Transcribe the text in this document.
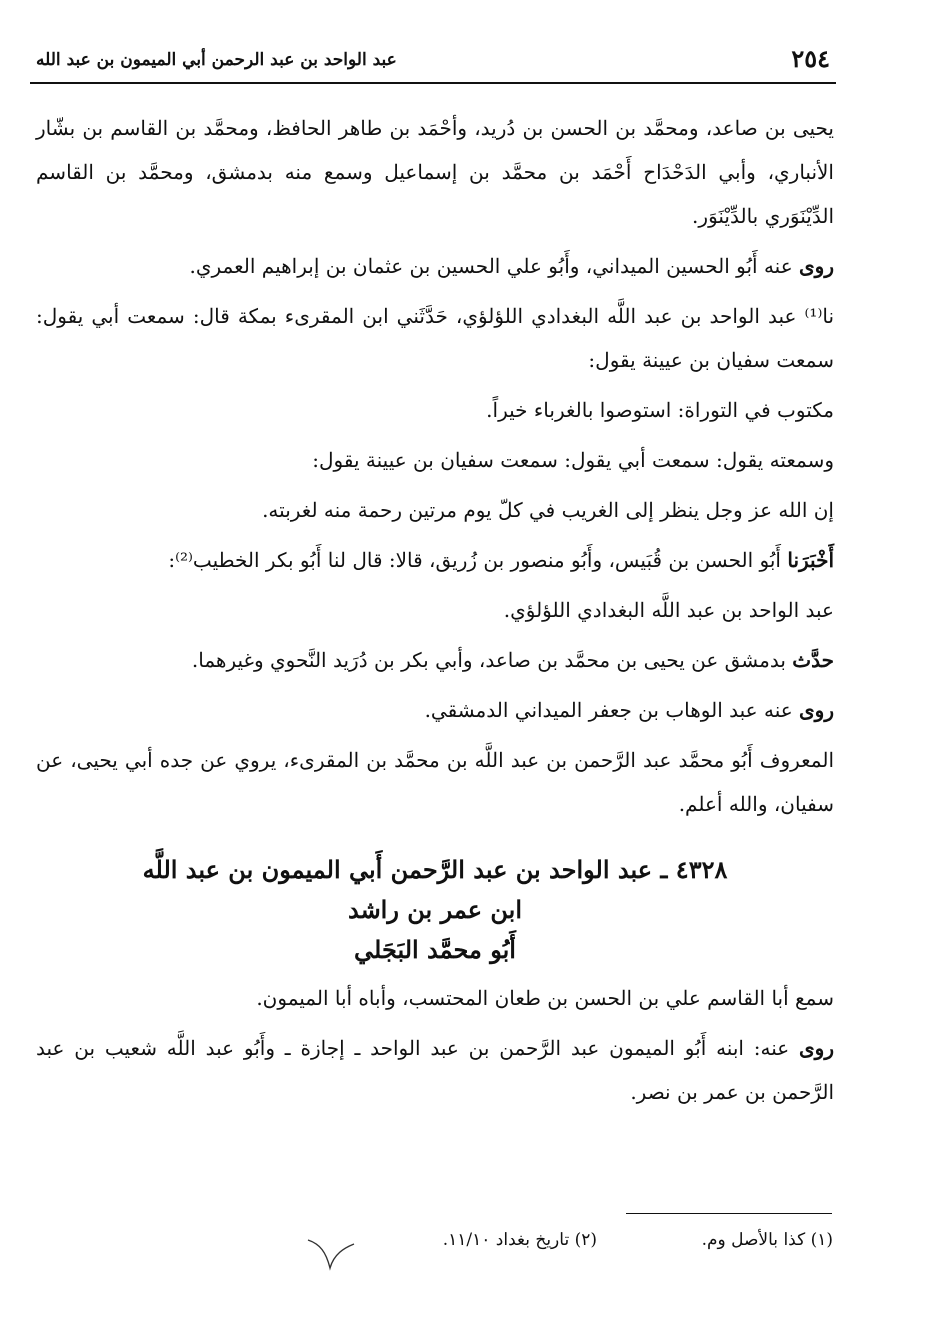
٢٥٤
عبد الواحد بن عبد الرحمن أبي الميمون بن عبد الله

يحيى بن صاعد، ومحمَّد بن الحسن بن دُريد، وأحْمَد بن طاهر الحافظ، ومحمَّد بن القاسم بن بشّار الأنباري، وأبي الدَحْدَاح أَحْمَد بن محمَّد بن إسماعيل وسمع منه بدمشق، ومحمَّد بن القاسم الدِّيْنَوَري بالدِّيْنَوَر.

روى عنه أَبُو الحسين الميداني، وأَبُو علي الحسين بن عثمان بن إبراهيم العمري.

نا⁽¹⁾ عبد الواحد بن عبد اللَّه البغدادي اللؤلؤي، حَدَّثَني ابن المقرىء بمكة قال: سمعت أبي يقول: سمعت سفيان بن عيينة يقول:

مكتوب في التوراة: استوصوا بالغرباء خيراً.

وسمعته يقول: سمعت أبي يقول: سمعت سفيان بن عيينة يقول:

إن الله عز وجل ينظر إلى الغريب في كلّ يوم مرتين رحمة منه لغربته.

أَخْبَرَنا أَبُو الحسن بن قُبَيس، وأَبُو منصور بن زُريق، قالا: قال لنا أَبُو بكر الخطيب⁽²⁾:

عبد الواحد بن عبد اللَّه البغدادي اللؤلؤي.

حدَّث بدمشق عن يحيى بن محمَّد بن صاعد، وأبي بكر بن دُرَيد النَّحوي وغيرهما.

روى عنه عبد الوهاب بن جعفر الميداني الدمشقي.

المعروف أَبُو محمَّد عبد الرَّحمن بن عبد اللَّه بن محمَّد بن المقرىء، يروي عن جده أبي يحيى، عن سفيان، والله أعلم.

٤٣٢٨ ـ عبد الواحد بن عبد الرَّحمن أَبي الميمون بن عبد اللَّه
ابن عمر بن راشد
أَبُو محمَّد البَجَلي

سمع أبا القاسم علي بن الحسن بن طعان المحتسب، وأباه أبا الميمون.

روى عنه: ابنه أَبُو الميمون عبد الرَّحمن بن عبد الواحد ـ إجازة ـ وأَبُو عبد اللَّه شعيب بن عبد الرَّحمن بن عمر بن نصر.

(١) كذا بالأصل وم.
(٢) تاريخ بغداد ١١/١٠.
